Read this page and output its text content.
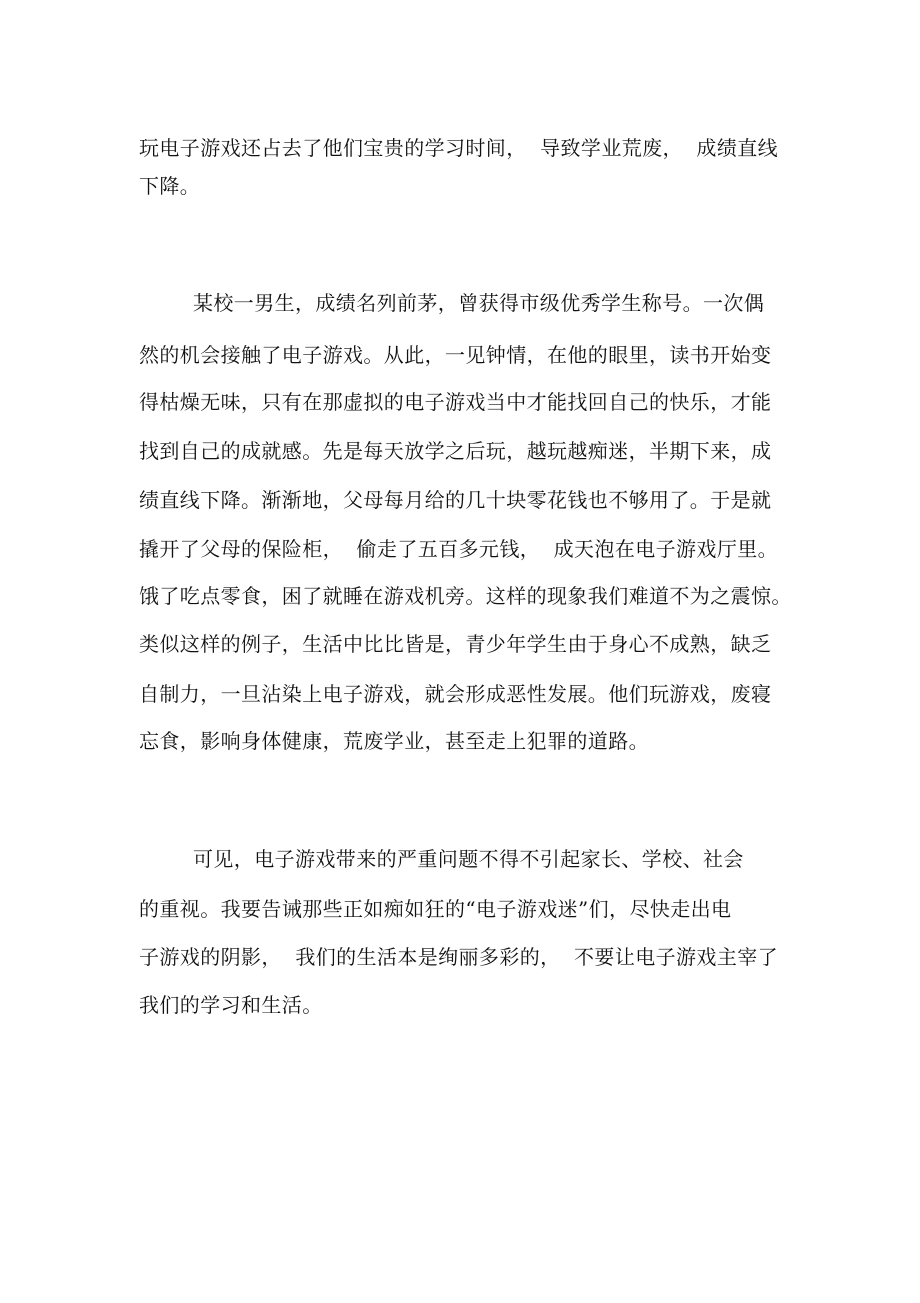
玩电子游戏还占去了他们宝贵的学习时间，  导致学业荒废，  成绩直线
下降。
某校一男生，成绩名列前茅，曾获得市级优秀学生称号。一次偶
然的机会接触了电子游戏。从此，一见钟情，在他的眼里，读书开始变
得枯燥无味，只有在那虚拟的电子游戏当中才能找回自己的快乐，才能
找到自己的成就感。先是每天放学之后玩，越玩越痴迷，半期下来，成
绩直线下降。渐渐地，父母每月给的几十块零花钱也不够用了。于是就
撬开了父母的保险柜，  偷走了五百多元钱，  成天泡在电子游戏厅里。
饿了吃点零食，困了就睡在游戏机旁。这样的现象我们难道不为之震惊。
类似这样的例子，生活中比比皆是，青少年学生由于身心不成熟，缺乏
自制力，一旦沾染上电子游戏，就会形成恶性发展。他们玩游戏，废寝
忘食，影响身体健康，荒废学业，甚至走上犯罪的道路。
可见，电子游戏带来的严重问题不得不引起家长、学校、社会
的重视。我要告诫那些正如痴如狂的“电子游戏迷”们，尽快走出电
子游戏的阴影，  我们的生活本是绚丽多彩的，  不要让电子游戏主宰了
我们的学习和生活。
